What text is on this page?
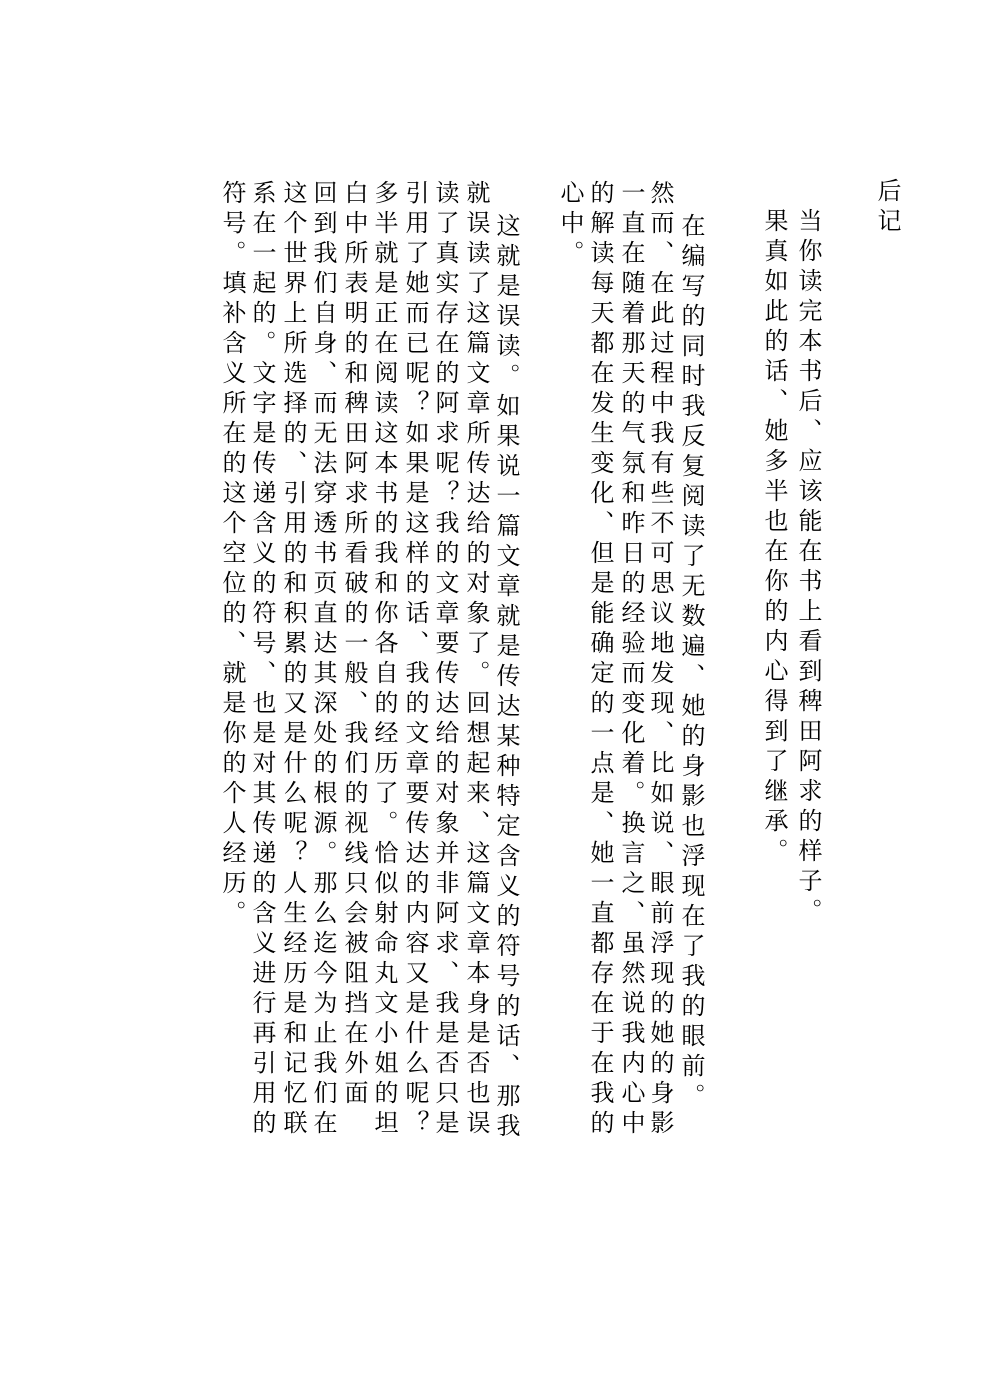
后记
当你读完本书后、应该能在书上看到稗田阿求的样子。
果真如此的话、她多半也在你的内心得到了继承。
在编写的同时我反复阅读了无数遍、她的身影也浮现在了我的眼前。
然而、在此过程中我有些不可思议地发现、比如说、眼前浮现的她的身影
一直在随着那天的气氛和昨日的经验而变化着。换言之、虽然说我内心中
的解读每天都在发生变化、但是能确定的一点是、她一直都存在于在我的
心中。
这就是误读。如果说一篇文章就是传达某种特定含义的符号的话、那我
就误读了这篇文章所传达给的对象了。回想起来、这篇文章本身是否也误
读了真实存在的阿求呢？我的文章要传达给的对象并非阿求、我是否只是
引用了她而已呢？如果是这样的话、我的文章要传达的内容又是什么呢？
多半就是正在阅读这本书的我和你各自的经历了。恰似射命丸文小姐的坦
白中所表明的和稗田阿求所看破的一般、我们的视线只会被阻挡在外面
回到我们自身、而无法穿透书页直达其深处的根源。那么迄今为止我们在
这个世界上所选择的、引用的和积累的又是什么呢？人生经历是和记忆联
系在一起的。文字是传递含义的符号、也是对其传递的含义进行再引用的
符号。填补含义所在的这个空位的、就是你的个人经历。
